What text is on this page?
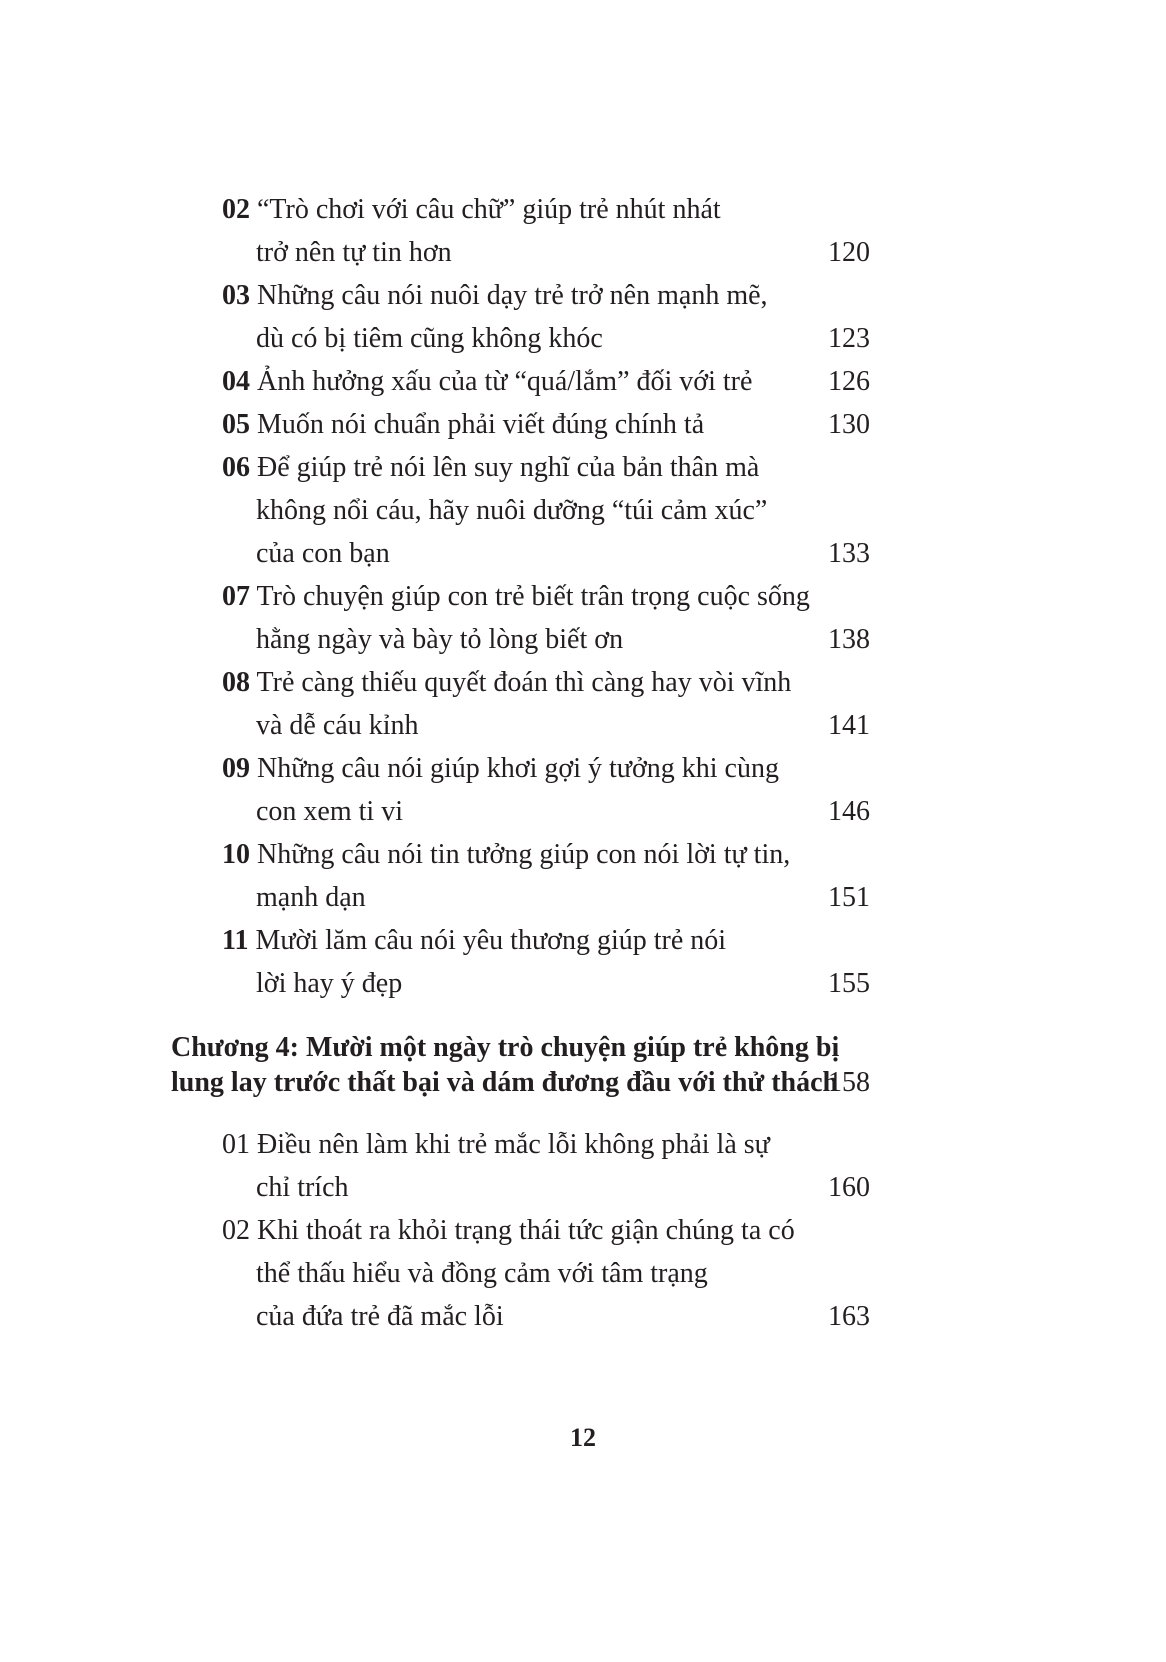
02 “Trò chơi với câu chữ” giúp trẻ nhút nhát
trở nên tự tin hơn	120
03 Những câu nói nuôi dạy trẻ trở nên mạnh mẽ,
dù có bị tiêm cũng không khóc	123
04 Ảnh hưởng xấu của từ “quá/lắm” đối với trẻ	126
05 Muốn nói chuẩn phải viết đúng chính tả	130
06 Để giúp trẻ nói lên suy nghĩ của bản thân mà
không nổi cáu, hãy nuôi dưỡng “túi cảm xúc”
của con bạn	133
07 Trò chuyện giúp con trẻ biết trân trọng cuộc sống
hằng ngày và bày tỏ lòng biết ơn	138
08 Trẻ càng thiếu quyết đoán thì càng hay vòi vĩnh
và dễ cáu kỉnh	141
09 Những câu nói giúp khơi gợi ý tưởng khi cùng
con xem ti vi	146
10 Những câu nói tin tưởng giúp con nói lời tự tin,
mạnh dạn	151
11 Mười lăm câu nói yêu thương giúp trẻ nói
lời hay ý đẹp	155
Chương 4: Mười một ngày trò chuyện giúp trẻ không bị
lung lay trước thất bại và dám đương đầu với thử thách
158
01 Điều nên làm khi trẻ mắc lỗi không phải là sự
chỉ trích	160
02 Khi thoát ra khỏi trạng thái tức giận chúng ta có
thể thấu hiểu và đồng cảm với tâm trạng
của đứa trẻ đã mắc lỗi	163
12
